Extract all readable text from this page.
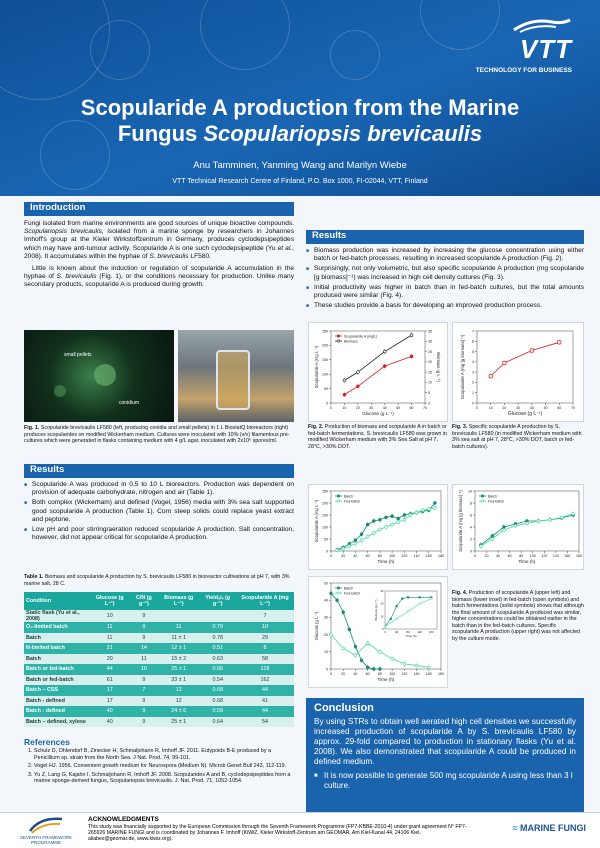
VTT
TECHNOLOGY FOR BUSINESS
Scopularide A production from the Marine
Fungus Scopulariopsis brevicaulis
Anu Tamminen, Yanming Wang and Marilyn Wiebe
VTT Technical Research Centre of Finland, P.O. Box 1000, FI-02044, VTT, Finland
Introduction

Fungi isolated from marine environments are good sources of unique bioactive compounds. Scopulariopsis brevicaulis, isolated from a marine sponge by researchers in Johannes Imhoff's group at the Kieler Wirkstoffzentrum in Germany, produces cyclodepsipeptides which may have anti-tumour activity. Scopularide A is one such cyclodepsipeptide (Yu et al., 2008). It accumulates within the hyphae of S. brevicaulis LF580.

Little is known about the induction or regulation of scopularide A accumulation in the hyphae of S. brevicaulis (Fig. 1), or the conditions necessary for production. Unlike many secondary products, scopularide A is produced during growth.

small pellets
conidium
Fig. 1. Scopularide brevicaulis LF580 (left, producing conidia and small pellets) in 1 L BiostatQ bioreactors (right) produces scopularides on modified Wickerham medium. Cultures were inoculated with 10% (v/v) filamentous pre-cultures which were generated in flasks containing medium with 4 g/L agar, inoculated with 2x10⁶ spores/ml.
Results
■ Scopularide A was produced in 0.5 to 10 L bioreactors. Production was dependent on provision of adequate carbohydrate, nitrogen and air (Table 1).
■ Both complex (Wickerham) and defined (Vogel, 1956) media with 3% sea salt supported good scopularide A production (Table 1). Corn steep solids could replace yeast extract and peptone.
■ Low pH and poor stirring/aeration reduced scopularide A production. Salt concentration, however, did not appear critical for scopularide A production.
Table 1. Biomass and scopularide A production by S. brevicaulis LF580 in bioreactor cultivations at pH 7, with 3% marine salt, 28 C.
Condition	Glucose (g L⁻¹)	C/N (g g⁻¹)	Biomass (g L⁻¹)	Yieldₓ/ₛ (g g⁻¹)	Scopularide A (mg L⁻¹)
Static flask (Yu et al., 2008)	10	9			7
O₂-limited batch	11	9	11	0.79	10
Batch	11	9	11 ± 1	0.78	29
N-limited batch	21	14	12 ± 1	0.51	8
Batch	20	11	15 ± 2	0.63	58
Batch or fed-batch	44	10	25 ± 1	0.56	128
Batch or fed-batch	61	9	33 ± 1	0.54	162
Batch – CSS	17	7	12	0.68	44
Batch - defined	17	9	12	0.68	41
Batch - defined	40	9	24 ± 6	0.59	44
Batch – defined, xylose	40	9	25 ± 1	0.64	54
References
1. Schulz D, Ohlendorf B, Zinecker H, Schmaljohann R, Imhoff JF. 2011. Eutypoids B-E produced by a Penicillium sp. strain from the North Sea. J Nat. Prod. 74, 99-101.
2. Vogel HJ. 1956. Convenient growth medium for Neurospora (Medium N). Microb Genet Bull 243, 112-119.
3. Yu Z, Lang G, Kajahn I, Schmaljohann R, Imhoff JF. 2008. Scopularides A and B, cyclodepsipeptides from a marine sponge-derived fungus, Scopulariopsis brevicaulis. J. Nat. Prod. 71, 1052-1054.
Results
■ Biomass production was increased by increasing the glucose concentration using either batch or fed-batch processes, resulting in increased scopularide A production (Fig. 2).
■ Surprisingly, not only volumetric, but also specific scopularide A production (mg scopularide [g biomass]⁻¹) was increased in high cell density cultures (Fig. 3).
■ Initial productivity was higher in batch than in fed-batch cultures, but the total amounts produced were similar (Fig. 4).
■ These studies provide a basis for developing an improved production process.
0	10	20	30	40	50	60	70
0
50
100
150
200
250
0
5
10
15
20
25
30
35
Glucose (g L⁻¹)
Scopularide A (mg L⁻¹)	Biomass (g L⁻¹)
Scopularide A (mg/L)
Biomass
Fig. 2. Production of biomass and scopularide A in batch or fed-batch fermentations. S. brevicaulis LF580 was grown in modified Wickerham medium with 3% Sea Salt at pH 7, 28°C, >30% DOT.
0	10	20	30	40	50	60	70
0
1
2
3
4
5
6
7
Glucose (g L⁻¹)
Scopularide A (mg [g biomass]⁻¹)
Fig. 3. Specific scopularide A production by S. brevicaulis LF580 (in modified Wickerham medium with 3% sea salt at pH 7, 28°C, >30% DOT, batch or fed-batch cultures).
0	20 40 60 80 100 120 140 160 180
0
50
100
150
200
250
Time (h)
Scopularide A (mg L⁻¹)
Batch
Fed-batch
0 20 40 60 80 100 120 140 160 180
0
2
4
6
8
10
Time (h)
Scopularide A (mg [g biomass]⁻¹)	Batch
Fed-batch
0	20 40 60 80 100 120 140 160 180
0
10
20
30
40
50
Time (h)
Glucose (g L⁻¹)
Batch
Fed-batch
0	40	80	120 160
0
10
20
30
Time (h)
Biomass (g L⁻¹)
Fig. 4. Production of scopularide A (upper left) and biomass (lower inset) in fed-batch (open symbols) and batch fermentations (solid symbols) shows that although the final amount of scopularide A produced was similar, higher concentrations could be obtained earlier in the batch than in the fed-batch cultures. Specific scopularide A production (upper right) was not affected by the culture mode.
Conclusion
By using STRs to obtain well aerated high cell densities we successfully increased production of scopularide A by S. brevicaulis LF580 by approx. 29-fold compared to production in stationary flasks (Yu et al. 2008). We also demonstrated that scopularide A could be produced in defined medium.
■ It is now possible to generate 500 mg scopularide A using less than 3 l culture.
SEVENTH FRAMEWORK PROGRAMME
ACKNOWLEDGMENTS
This study was financially supported by the European Commission through the Seventh Framework Programme (FP7-KBBE-2010-4) under grant agreement N° FP7-265926 MARINE FUNGI and is coordinated by Johannes F. Imhoff (KiWiZ, Kieler Wirkstoff-Zentrum am GEOMAR, Am Kiel-Kanal 44, 24106 Kiel, aliabes@geomar.de, www.kiwiz.org).
≈ MARINE FUNGI
